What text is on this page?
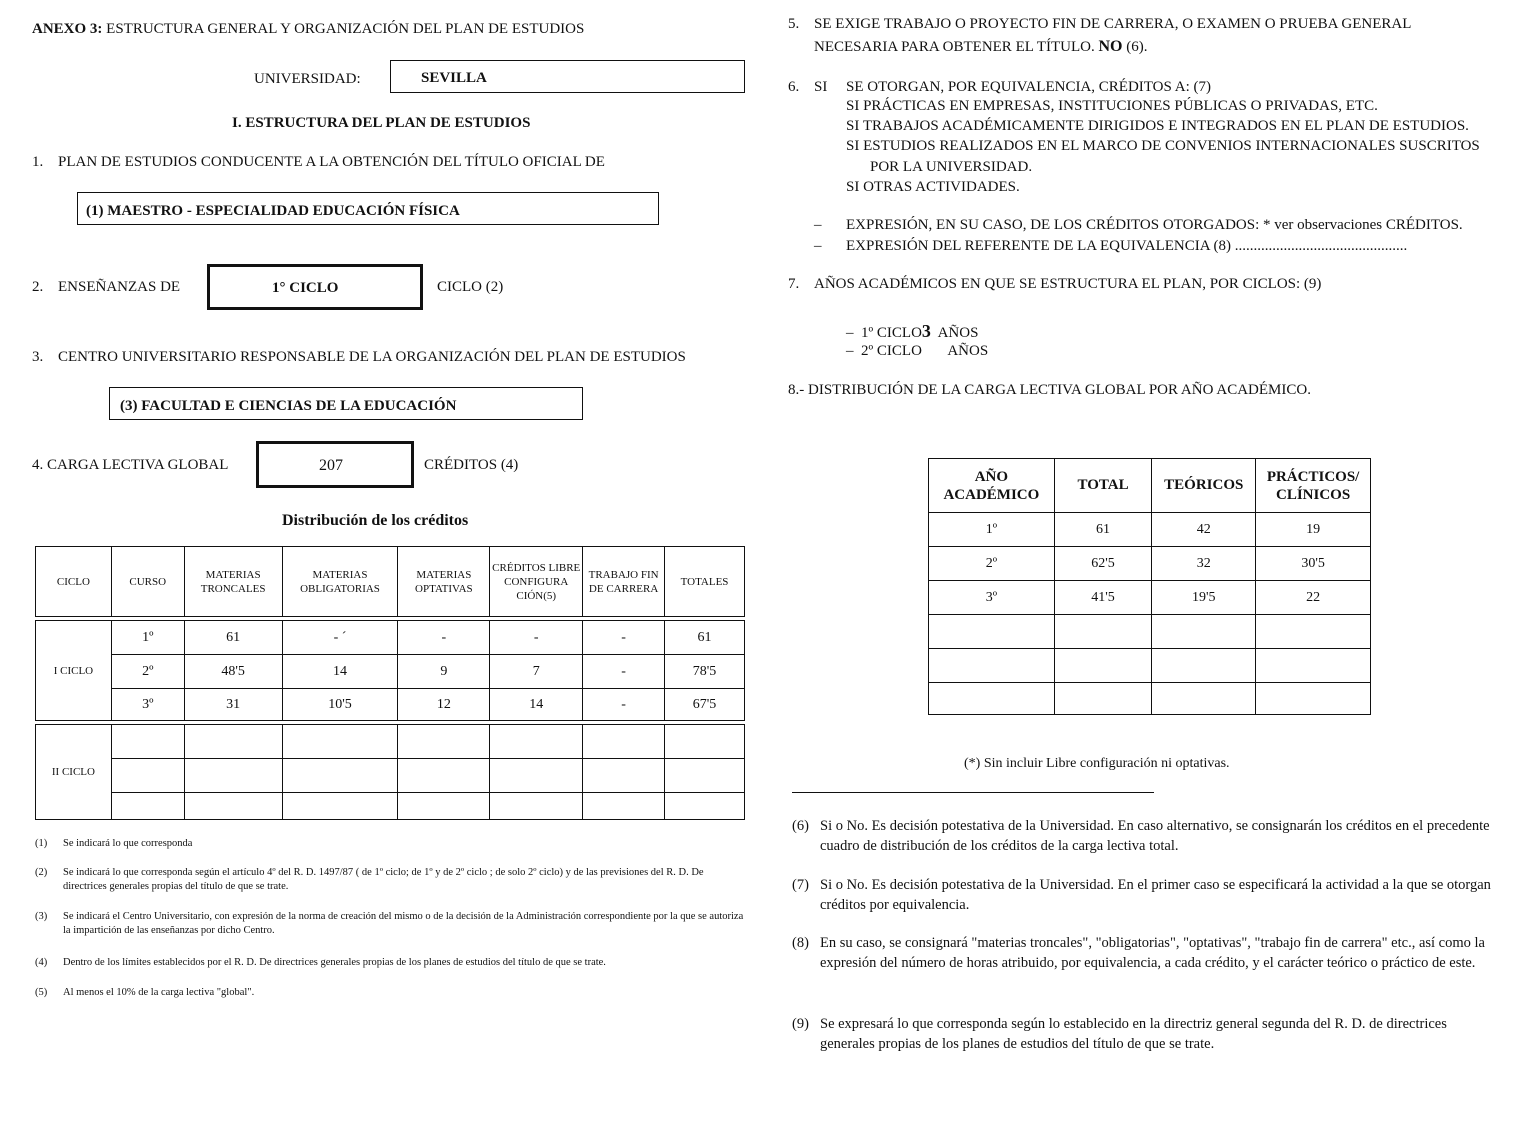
ANEXO 3: ESTRUCTURA GENERAL Y ORGANIZACIÓN DEL PLAN DE ESTUDIOS
UNIVERSIDAD:	SEVILLA
I. ESTRUCTURA DEL PLAN DE ESTUDIOS
1. PLAN DE ESTUDIOS CONDUCENTE A LA OBTENCIÓN DEL TÍTULO OFICIAL DE
(1) MAESTRO - ESPECIALIDAD EDUCACIÓN FÍSICA
2. ENSEÑANZAS DE	1° CICLO	CICLO (2)
3. CENTRO UNIVERSITARIO RESPONSABLE DE LA ORGANIZACIÓN DEL PLAN DE ESTUDIOS
(3) FACULTAD E CIENCIAS DE LA EDUCACIÓN
4. CARGA LECTIVA GLOBAL	207	CRÉDITOS (4)
Distribución de los créditos
CICLO	CURSO	MATERIAS TRONCALES	MATERIAS OBLIGATORIAS	MATERIAS OPTATIVAS	CRÉDITOS LIBRE CONFIGURA CIÓN(5)	TRABAJO FIN DE CARRERA	TOTALES

I CICLO	1º	61	- ´	-	-	-	61
	2º	48'5	14	9	7	-	78'5
	3º	31	10'5	12	14	-	67'5

II CICLO							

(1)	Se indicará lo que corresponda
(2)	Se indicará lo que corresponda según el artículo 4º del R. D. 1497/87 ( de 1º ciclo; de 1º y de 2º ciclo ; de solo 2º ciclo) y de las previsiones del R. D. De directrices generales propias del título de que se trate.
(3)	Se indicará el Centro Universitario, con expresión de la norma de creación del mismo o de la decisión de la Administración correspondiente por la que se autoriza la impartición de las enseñanzas por dicho Centro.
(4)	Dentro de los límites establecidos por el R. D. De directrices generales propias de los planes de estudios del título de que se trate.
(5)	Al menos el 10% de la carga lectiva "global".
5. SE EXIGE TRABAJO O PROYECTO FIN DE CARRERA, O EXAMEN O PRUEBA GENERAL
NECESARIA PARA OBTENER EL TÍTULO. NO (6).
6. SI SE OTORGAN, POR EQUIVALENCIA, CRÉDITOS A: (7)
SI PRÁCTICAS EN EMPRESAS, INSTITUCIONES PÚBLICAS O PRIVADAS, ETC.
SI TRABAJOS ACADÉMICAMENTE DIRIGIDOS E INTEGRADOS EN EL PLAN DE ESTUDIOS.
SI ESTUDIOS REALIZADOS EN EL MARCO DE CONVENIOS INTERNACIONALES SUSCRITOS
POR LA UNIVERSIDAD.
SI OTRAS ACTIVIDADES.
– EXPRESIÓN, EN SU CASO, DE LOS CRÉDITOS OTORGADOS: * ver observaciones CRÉDITOS.
– EXPRESIÓN DEL REFERENTE DE LA EQUIVALENCIA (8) ..............................................
7. AÑOS ACADÉMICOS EN QUE SE ESTRUCTURA EL PLAN, POR CICLOS: (9)
– 1º CICLO3 AÑOS
– 2º CICLO AÑOS
8.- DISTRIBUCIÓN DE LA CARGA LECTIVA GLOBAL POR AÑO ACADÉMICO.
AÑO ACADÉMICO	TOTAL	TEÓRICOS	PRÁCTICOS/ CLÍNICOS
1º	61	42	19
2º	62'5	32	30'5
3º	41'5	19'5	22

(*) Sin incluir Libre configuración ni optativas.
(6) Si o No. Es decisión potestativa de la Universidad. En caso alternativo, se consignarán los créditos en el precedente cuadro de distribución de los créditos de la carga lectiva total.
(7) Si o No. Es decisión potestativa de la Universidad. En el primer caso se especificará la actividad a la que se otorgan créditos por equivalencia.
(8) En su caso, se consignará "materias troncales", "obligatorias", "optativas", "trabajo fin de carrera" etc., así como la expresión del número de horas atribuido, por equivalencia, a cada crédito, y el carácter teórico o práctico de este.
(9) Se expresará lo que corresponda según lo establecido en la directriz general segunda del R. D. de directrices generales propias de los planes de estudios del título de que se trate.
